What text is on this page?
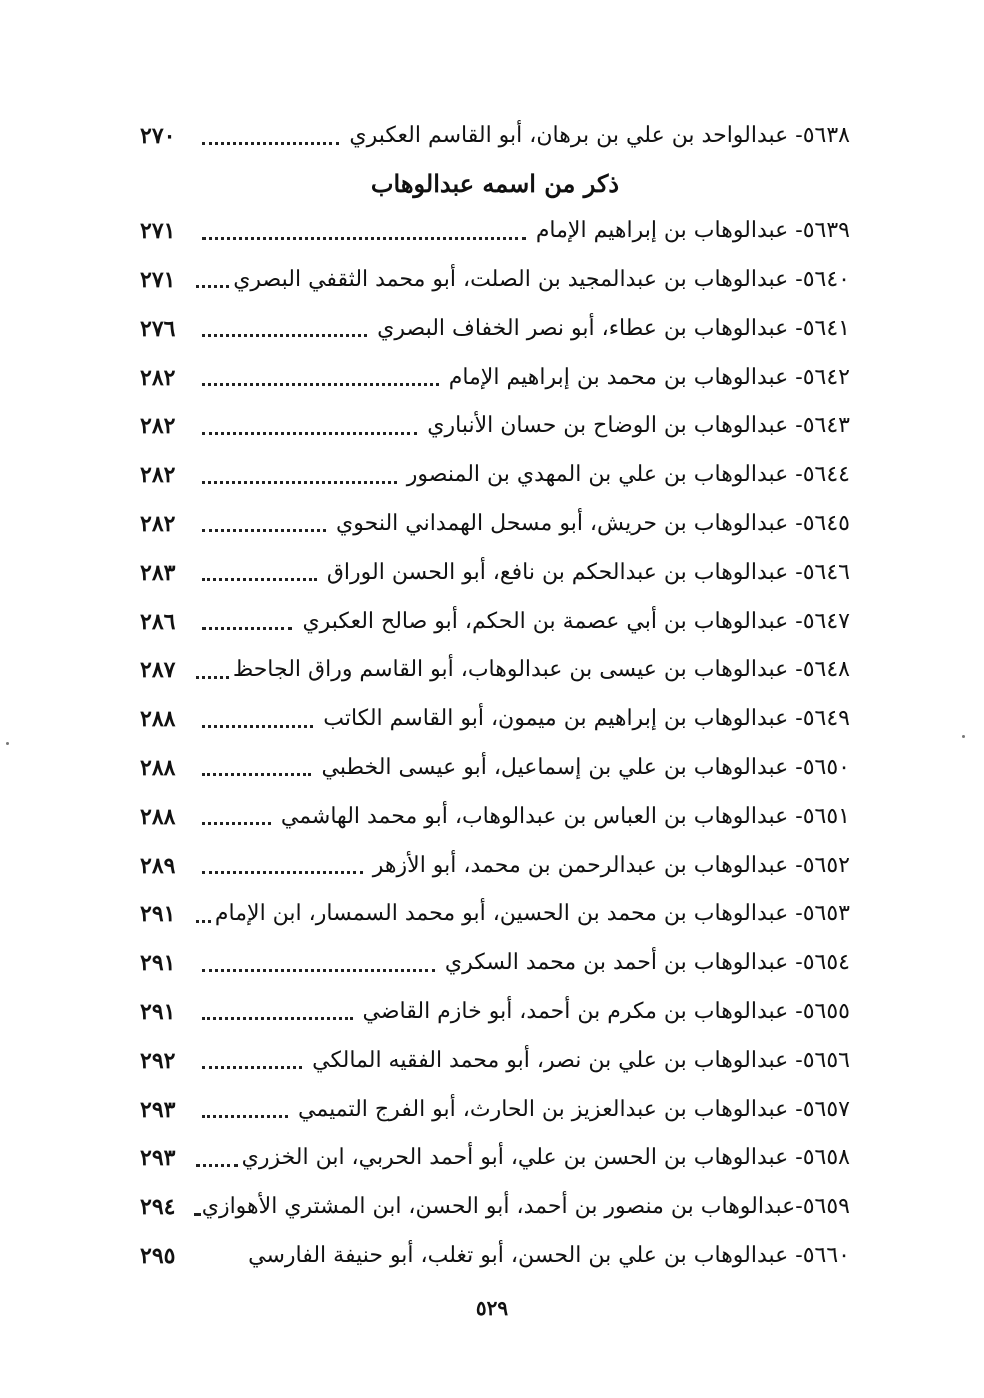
٥٦٣٨- عبدالواحد بن علي بن برهان، أبو القاسم العكبري
٢٧٠
ذكر من اسمه عبدالوهاب
٥٦٣٩- عبدالوهاب بن إبراهيم الإمام
٢٧١
٥٦٤٠- عبدالوهاب بن عبدالمجيد بن الصلت، أبو محمد الثقفي البصري
٢٧١
٥٦٤١- عبدالوهاب بن عطاء، أبو نصر الخفاف البصري
٢٧٦
٥٦٤٢- عبدالوهاب بن محمد بن إبراهيم الإمام
٢٨٢
٥٦٤٣- عبدالوهاب بن الوضاح بن حسان الأنباري
٢٨٢
٥٦٤٤- عبدالوهاب بن علي بن المهدي بن المنصور
٢٨٢
٥٦٤٥- عبدالوهاب بن حريش، أبو مسحل الهمداني النحوي
٢٨٢
٥٦٤٦- عبدالوهاب بن عبدالحكم بن نافع، أبو الحسن الوراق
٢٨٣
٥٦٤٧- عبدالوهاب بن أبي عصمة بن الحكم، أبو صالح العكبري
٢٨٦
٥٦٤٨- عبدالوهاب بن عيسى بن عبدالوهاب، أبو القاسم وراق الجاحظ
٢٨٧
٥٦٤٩- عبدالوهاب بن إبراهيم بن ميمون، أبو القاسم الكاتب
٢٨٨
٥٦٥٠- عبدالوهاب بن علي بن إسماعيل، أبو عيسى الخطبي
٢٨٨
٥٦٥١- عبدالوهاب بن العباس بن عبدالوهاب، أبو محمد الهاشمي
٢٨٨
٥٦٥٢- عبدالوهاب بن عبدالرحمن بن محمد، أبو الأزهر
٢٨٩
٥٦٥٣- عبدالوهاب بن محمد بن الحسين، أبو محمد السمسار، ابن الإمام
٢٩١
٥٦٥٤- عبدالوهاب بن أحمد بن محمد السكري
٢٩١
٥٦٥٥- عبدالوهاب بن مكرم بن أحمد، أبو خازم القاضي
٢٩١
٥٦٥٦- عبدالوهاب بن علي بن نصر، أبو محمد الفقيه المالكي
٢٩٢
٥٦٥٧- عبدالوهاب بن عبدالعزيز بن الحارث، أبو الفرج التميمي
٢٩٣
٥٦٥٨- عبدالوهاب بن الحسن بن علي، أبو أحمد الحربي، ابن الخزري
٢٩٣
٥٦٥٩-عبدالوهاب بن منصور بن أحمد، أبو الحسن، ابن المشتري الأهوازي
٢٩٤
٥٦٦٠- عبدالوهاب بن علي بن الحسن، أبو تغلب، أبو حنيفة الفارسي
٢٩٥
٥٢٩
